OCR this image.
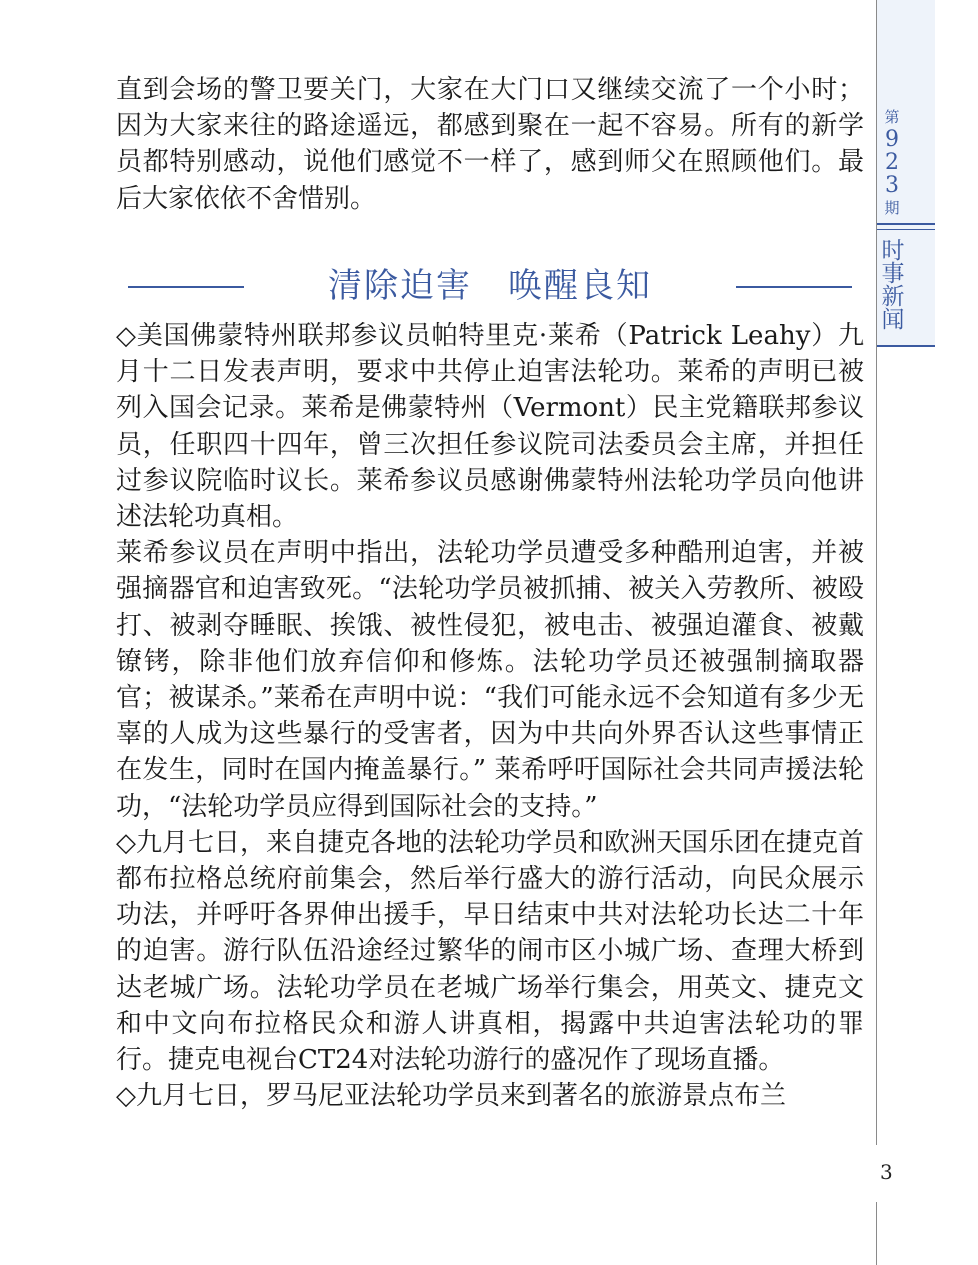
第
9
2
3
期
时
事
新
闻

直到会场的警卫要关门，大家在大门口又继续交流了一个小时；因为大家来往的路途遥远，都感到聚在一起不容易。所有的新学员都特别感动，说他们感觉不一样了，感到师父在照顾他们。最后大家依依不舍惜别。

清除迫害　唤醒良知

◇美国佛蒙特州联邦参议员帕特里克·莱希（Patrick Leahy）九月十二日发表声明，要求中共停止迫害法轮功。莱希的声明已被列入国会记录。莱希是佛蒙特州（Vermont）民主党籍联邦参议员，任职四十四年，曾三次担任参议院司法委员会主席，并担任过参议院临时议长。莱希参议员感谢佛蒙特州法轮功学员向他讲述法轮功真相。

莱希参议员在声明中指出，法轮功学员遭受多种酷刑迫害，并被强摘器官和迫害致死。“法轮功学员被抓捕、被关入劳教所、被殴打、被剥夺睡眠、挨饿、被性侵犯，被电击、被强迫灌食、被戴镣铐，除非他们放弃信仰和修炼。法轮功学员还被强制摘取器官；被谋杀。”莱希在声明中说：“我们可能永远不会知道有多少无辜的人成为这些暴行的受害者，因为中共向外界否认这些事情正在发生，同时在国内掩盖暴行。” 莱希呼吁国际社会共同声援法轮功，“法轮功学员应得到国际社会的支持。”

◇九月七日，来自捷克各地的法轮功学员和欧洲天国乐团在捷克首都布拉格总统府前集会，然后举行盛大的游行活动，向民众展示功法，并呼吁各界伸出援手，早日结束中共对法轮功长达二十年的迫害。游行队伍沿途经过繁华的闹市区小城广场、查理大桥到达老城广场。法轮功学员在老城广场举行集会，用英文、捷克文和中文向布拉格民众和游人讲真相，揭露中共迫害法轮功的罪行。捷克电视台CT24对法轮功游行的盛况作了现场直播。

◇九月七日，罗马尼亚法轮功学员来到著名的旅游景点布兰

3
